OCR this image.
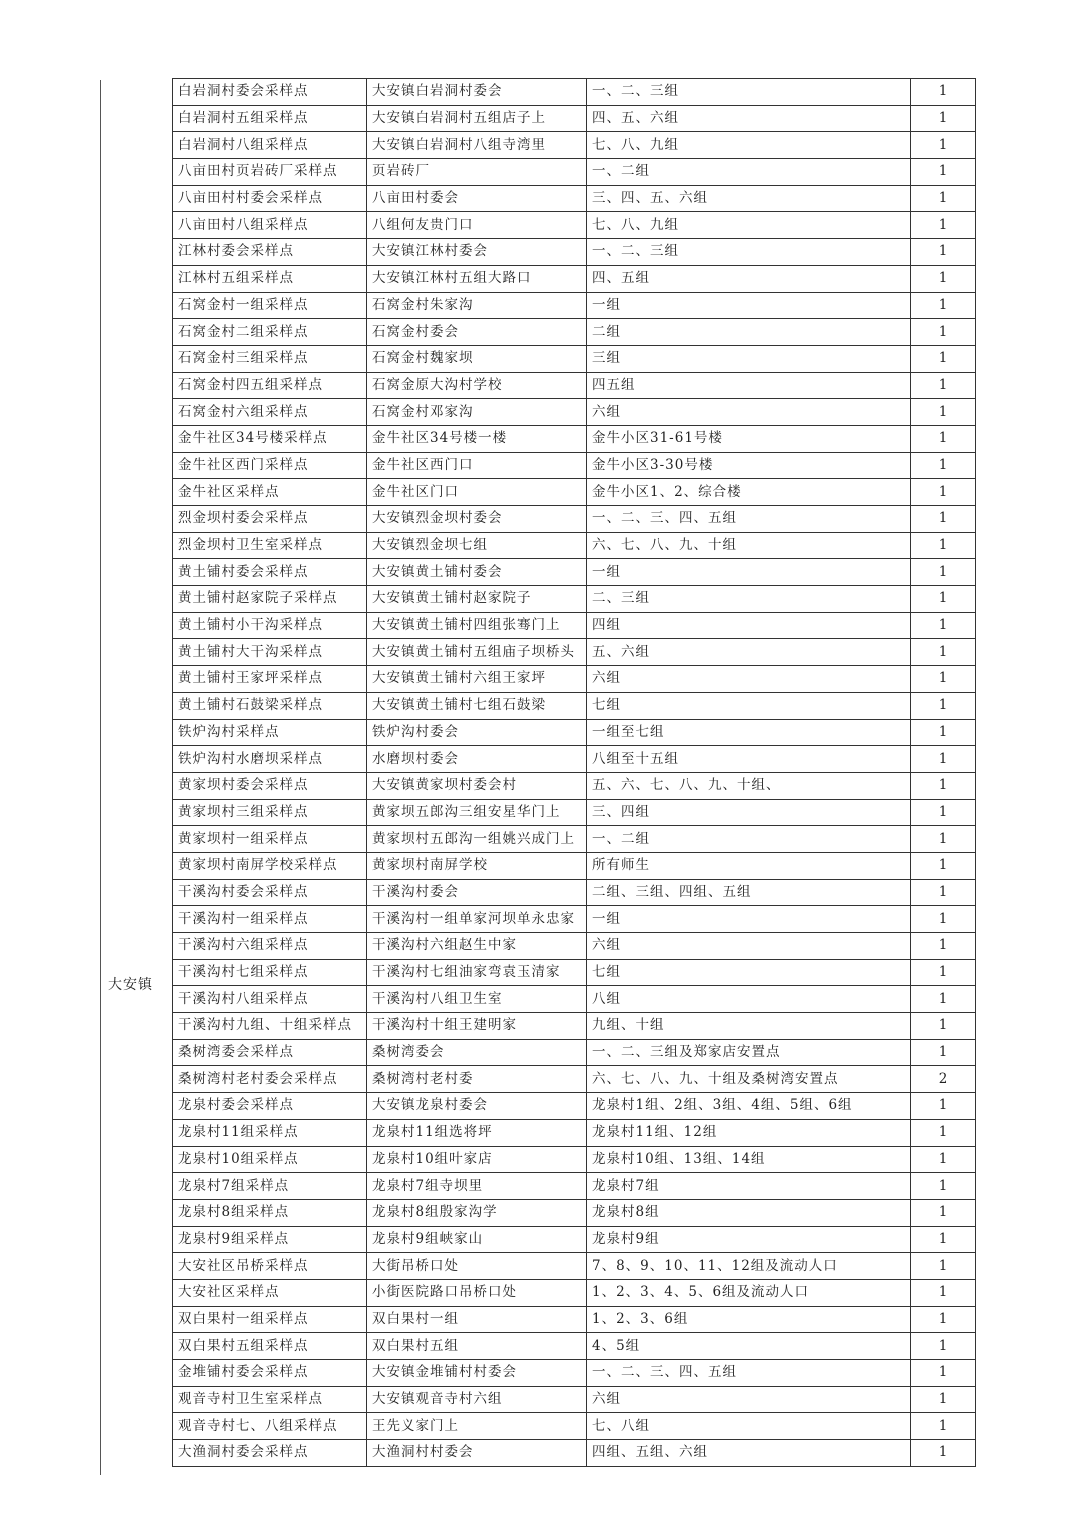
大安镇
白岩洞村委会采样点	大安镇白岩洞村委会	一、二、三组	1
白岩洞村五组采样点	大安镇白岩洞村五组店子上	四、五、六组	1
白岩洞村八组采样点	大安镇白岩洞村八组寺湾里	七、八、九组	1
八亩田村页岩砖厂采样点	页岩砖厂	一、二组	1
八亩田村村委会采样点	八亩田村委会	三、四、五、六组	1
八亩田村八组采样点	八组何友贵门口	七、八、九组	1
江林村委会采样点	大安镇江林村委会	一、二、三组	1
江林村五组采样点	大安镇江林村五组大路口	四、五组	1
石窝金村一组采样点	石窝金村朱家沟	一组	1
石窝金村二组采样点	石窝金村委会	二组	1
石窝金村三组采样点	石窝金村魏家坝	三组	1
石窝金村四五组采样点	石窝金原大沟村学校	四五组	1
石窝金村六组采样点	石窝金村邓家沟	六组	1
金牛社区34号楼采样点	金牛社区34号楼一楼	金牛小区31-61号楼	1
金牛社区西门采样点	金牛社区西门口	金牛小区3-30号楼	1
金牛社区采样点	金牛社区门口	金牛小区1、2、综合楼	1
烈金坝村委会采样点	大安镇烈金坝村委会	一、二、三、四、五组	1
烈金坝村卫生室采样点	大安镇烈金坝七组	六、七、八、九、十组	1
黄土铺村委会采样点	大安镇黄土铺村委会	一组	1
黄土铺村赵家院子采样点	大安镇黄土铺村赵家院子	二、三组	1
黄土铺村小干沟采样点	大安镇黄土铺村四组张骞门上	四组	1
黄土铺村大干沟采样点	大安镇黄土铺村五组庙子坝桥头	五、六组	1
黄土铺村王家坪采样点	大安镇黄土铺村六组王家坪	六组	1
黄土铺村石鼓梁采样点	大安镇黄土铺村七组石鼓梁	七组	1
铁炉沟村采样点	铁炉沟村委会	一组至七组	1
铁炉沟村水磨坝采样点	水磨坝村委会	八组至十五组	1
黄家坝村委会采样点	大安镇黄家坝村委会村	五、六、七、八、九、十组、	1
黄家坝村三组采样点	黄家坝五郎沟三组安星华门上	三、四组	1
黄家坝村一组采样点	黄家坝村五郎沟一组姚兴成门上	一、二组	1
黄家坝村南屏学校采样点	黄家坝村南屏学校	所有师生	1
干溪沟村委会采样点	干溪沟村委会	二组、三组、四组、五组	1
干溪沟村一组采样点	干溪沟村一组单家河坝单永忠家	一组	1
干溪沟村六组采样点	干溪沟村六组赵生中家	六组	1
干溪沟村七组采样点	干溪沟村七组油家弯袁玉清家	七组	1
干溪沟村八组采样点	干溪沟村八组卫生室	八组	1
干溪沟村九组、十组采样点	干溪沟村十组王建明家	九组、十组	1
桑树湾委会采样点	桑树湾委会	一、二、三组及郑家店安置点	1
桑树湾村老村委会采样点	桑树湾村老村委	六、七、八、九、十组及桑树湾安置点	2
龙泉村委会采样点	大安镇龙泉村委会	龙泉村1组、2组、3组、4组、5组、6组	1
龙泉村11组采样点	龙泉村11组选将坪	龙泉村11组、12组	1
龙泉村10组采样点	龙泉村10组叶家店	龙泉村10组、13组、14组	1
龙泉村7组采样点	龙泉村7组寺坝里	龙泉村7组	1
龙泉村8组采样点	龙泉村8组殷家沟学	龙泉村8组	1
龙泉村9组采样点	龙泉村9组峡家山	龙泉村9组	1
大安社区吊桥采样点	大街吊桥口处	7、8、9、10、11、12组及流动人口	1
大安社区采样点	小街医院路口吊桥口处	1、2、3、4、5、6组及流动人口	1
双白果村一组采样点	双白果村一组	1、2、3、6组	1
双白果村五组采样点	双白果村五组	4、5组	1
金堆铺村委会采样点	大安镇金堆铺村村委会	一、二、三、四、五组	1
观音寺村卫生室采样点	大安镇观音寺村六组	六组	1
观音寺村七、八组采样点	王先义家门上	七、八组	1
大渔洞村委会采样点	大渔洞村村委会	四组、五组、六组	1
